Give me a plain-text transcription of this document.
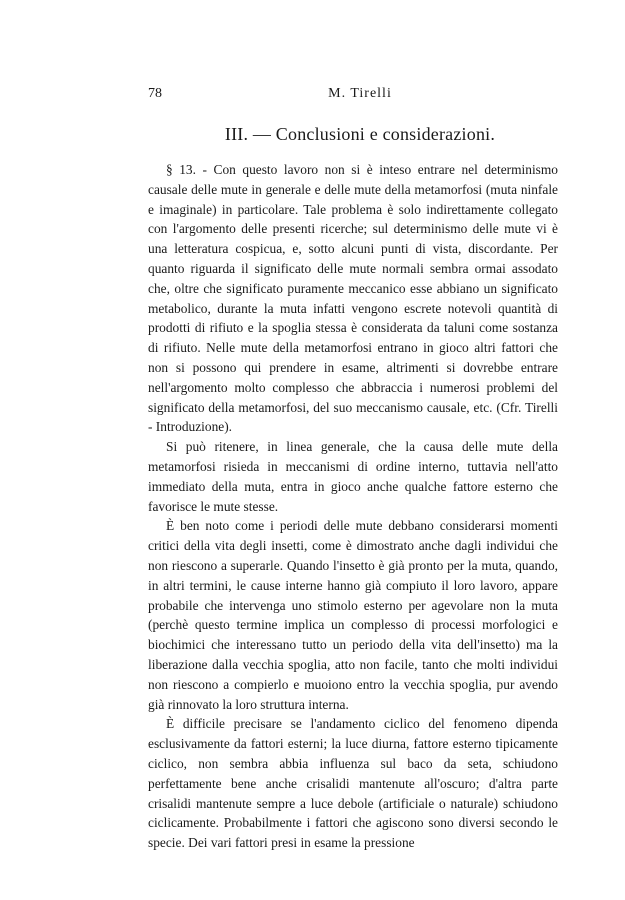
78	M. Tirelli
III. — Conclusioni e considerazioni.

§ 13. - Con questo lavoro non si è inteso entrare nel determinismo causale delle mute in generale e delle mute della metamorfosi (muta ninfale e imaginale) in particolare. Tale problema è solo indirettamente collegato con l'argomento delle presenti ricerche; sul determinismo delle mute vi è una letteratura cospicua, e, sotto alcuni punti di vista, discordante. Per quanto riguarda il significato delle mute normali sembra ormai assodato che, oltre che significato puramente meccanico esse abbiano un significato metabolico, durante la muta infatti vengono escrete notevoli quantità di prodotti di rifiuto e la spoglia stessa è considerata da taluni come sostanza di rifiuto. Nelle mute della metamorfosi entrano in gioco altri fattori che non si possono qui prendere in esame, altrimenti si dovrebbe entrare nell'argomento molto complesso che abbraccia i numerosi problemi del significato della metamorfosi, del suo meccanismo causale, etc. (Cfr. Tirelli - Introduzione).

Si può ritenere, in linea generale, che la causa delle mute della metamorfosi risieda in meccanismi di ordine interno, tuttavia nell'atto immediato della muta, entra in gioco anche qualche fattore esterno che favorisce le mute stesse.

È ben noto come i periodi delle mute debbano considerarsi momenti critici della vita degli insetti, come è dimostrato anche dagli individui che non riescono a superarle. Quando l'insetto è già pronto per la muta, quando, in altri termini, le cause interne hanno già compiuto il loro lavoro, appare probabile che intervenga uno stimolo esterno per agevolare non la muta (perchè questo termine implica un complesso di processi morfologici e biochimici che interessano tutto un periodo della vita dell'insetto) ma la liberazione dalla vecchia spoglia, atto non facile, tanto che molti individui non riescono a compierlo e muoiono entro la vecchia spoglia, pur avendo già rinnovato la loro struttura interna.

È difficile precisare se l'andamento ciclico del fenomeno dipenda esclusivamente da fattori esterni; la luce diurna, fattore esterno tipicamente ciclico, non sembra abbia influenza sul baco da seta, schiudono perfettamente bene anche crisalidi mantenute all'oscuro; d'altra parte crisalidi mantenute sempre a luce debole (artificiale o naturale) schiudono ciclicamente. Probabilmente i fattori che agiscono sono diversi secondo le specie. Dei vari fattori presi in esame la pressione
